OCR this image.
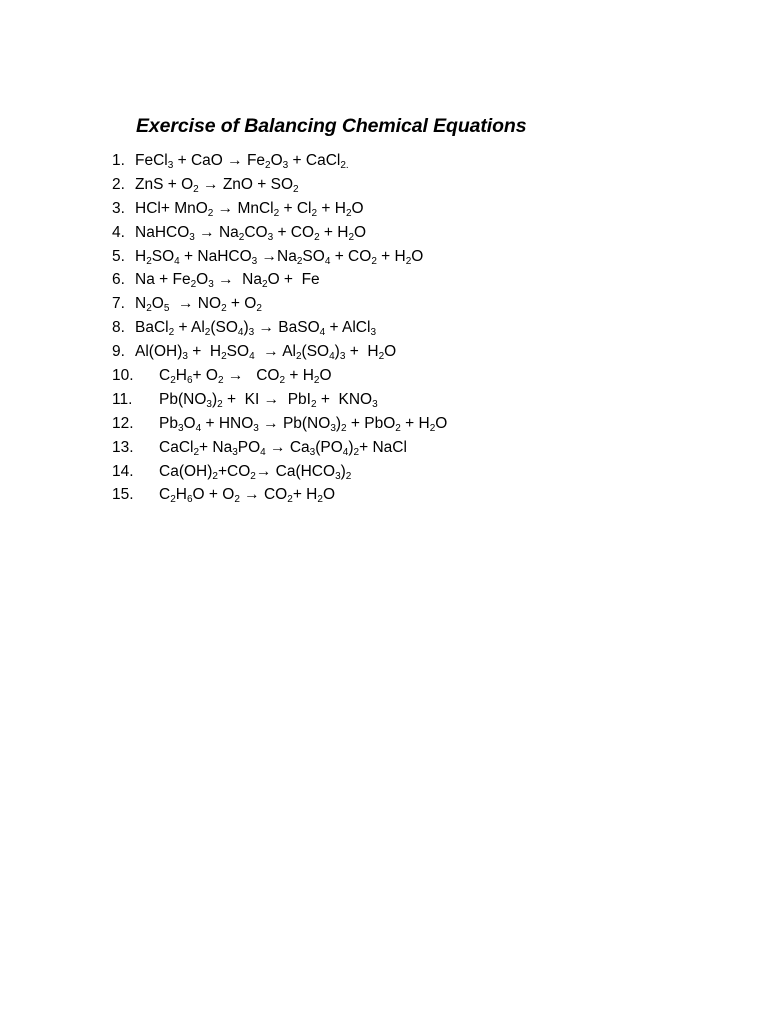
Exercise of Balancing Chemical Equations
1. FeCl$_3$ + CaO → $Fe_2O_3$ + CaCl$_{2.}$
2. ZnS + $O_2$ → ZnO + $SO_2$
3. HCl+ MnO$_2$ → MnCl$_2$ + $Cl_2 + H_2O$
4. NaHCO$_3$ → $Na_2CO_3 + CO_2 + H_2O$
5. $H_2SO_4$ + NaHCO$_3$ $\to Na_2SO_4 + CO_2 + H_2O$
6. $Na + Fe_2O_3 \to Na_2O + Fe$
7. $N_2O_5 \to NO_2 + O_2$
8. BaCl$_2$ + $Al_2(SO_4)_3$ → BaSO$_4$ + AlCl$_3$
9. $Al(OH)_3 + H_2SO_4 \to Al_2(SO_4)_3 + H_2O$
10. $C_2H_6+ O_2 \to CO_2 + H_2O$
11. $Pb(NO_3)_2$ +  KI →  $PbI_2 + KNO_3$
12. $Pb_3O_4 + HNO_3 \to Pb(NO_3)_2 + PbO_2 + H_2O$
13. CaCl$_2$+ $Na_3PO_4 \to Ca_3(PO_4)_2+$ NaCl
14. $Ca(OH)_2+CO_2\to Ca(HCO_3)_2$
15. $C_2H_6O + O_2 \to CO_2+ H_2O$
